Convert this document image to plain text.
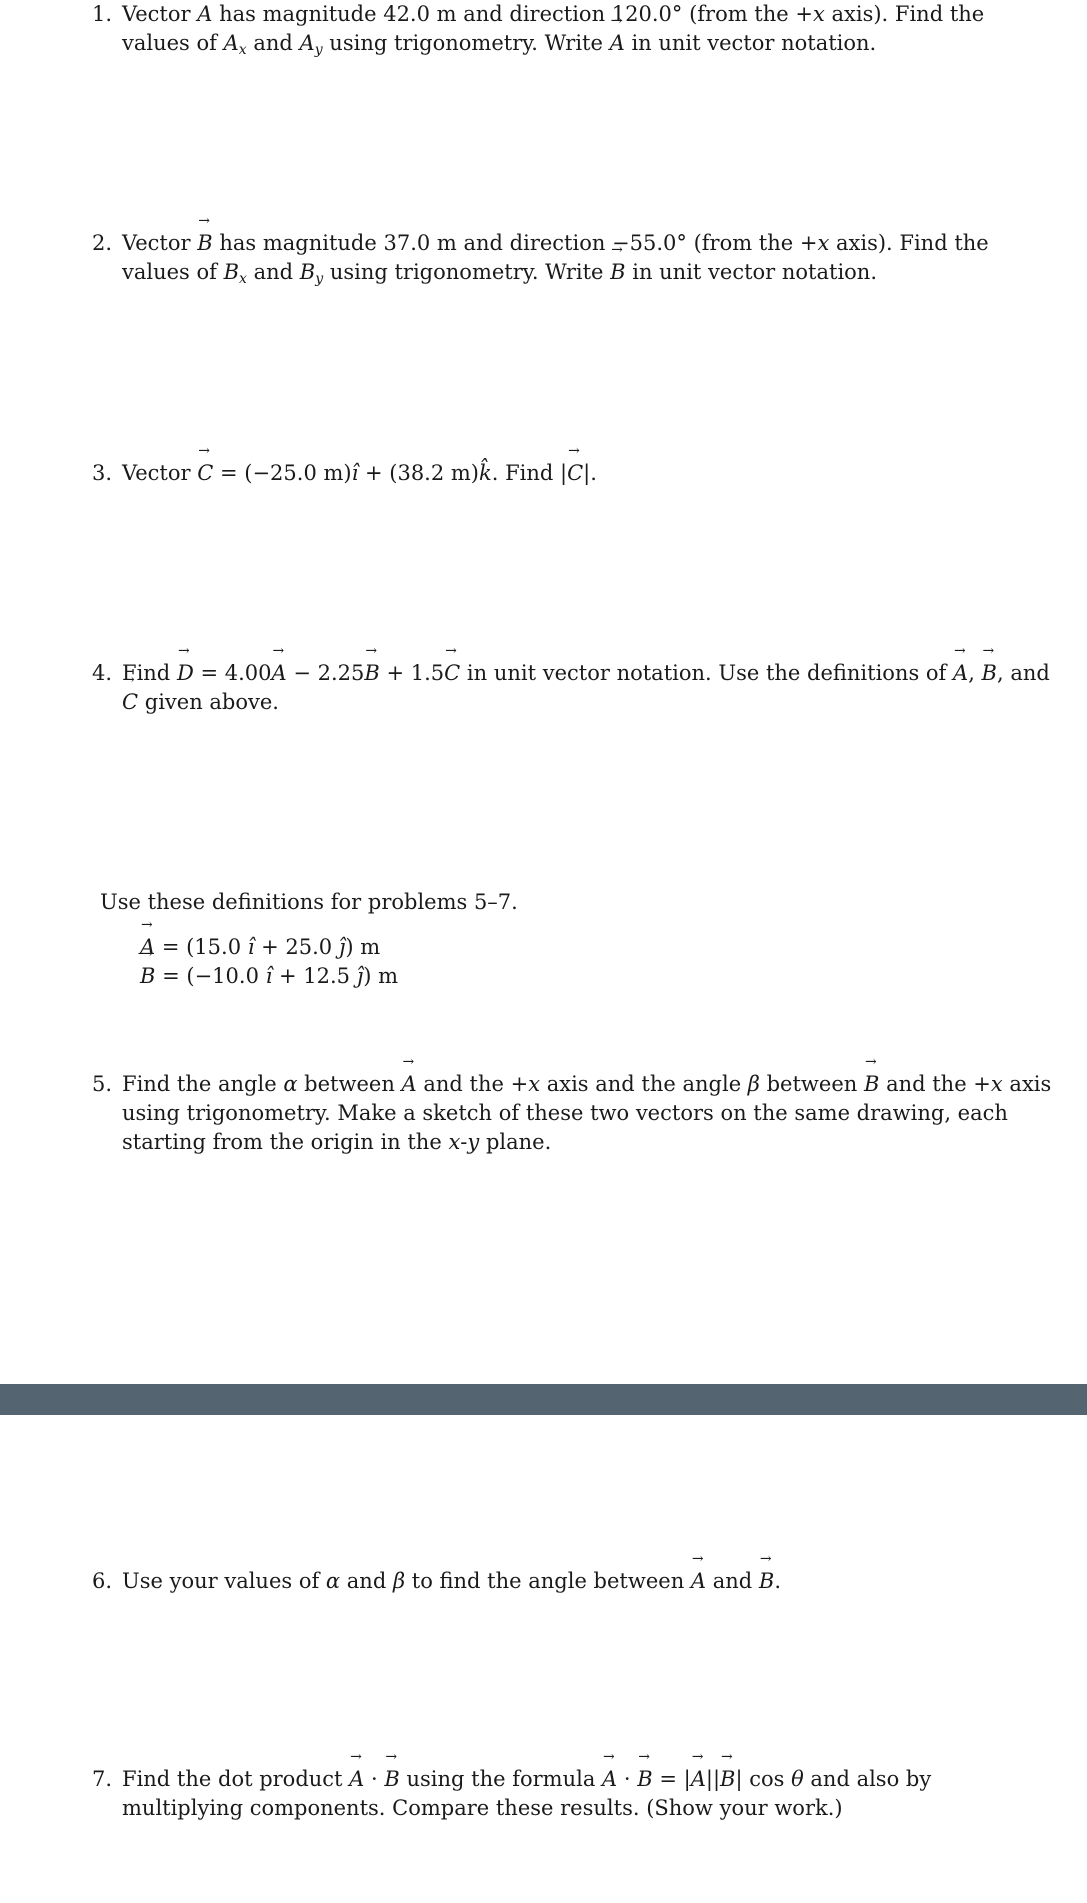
1. Vector → A has magnitude 42.0 m and direction 120.0° (from the +x axis). Find the values of $A_x$ and $A_y$ using trigonometry. Write → A in unit vector notation.
2. Vector → B has magnitude 37.0 m and direction −55.0° (from the +x axis). Find the values of $B_x$ and $B_y$ using trigonometry. Write → B in unit vector notation.
3. Vector → C = (−25.0 m)î + (38.2 m)k̂. Find |→ C|.
4. Find → D = 4.00→ A − 2.25→ B + 1.5→ C in unit vector notation. Use the definitions of → A, → B, and → C given above.
Use these definitions for problems 5–7.
→ A = (15.0 î + 25.0 ĵ) m
→ B = (−10.0 î + 12.5 ĵ) m
5. Find the angle α between → A and the +x axis and the angle β between → B and the +x axis using trigonometry. Make a sketch of these two vectors on the same drawing, each starting from the origin in the x-y plane.
6. Use your values of α and β to find the angle between → A and → B.
7. Find the dot product → A · → B using the formula → A · → B = |→ A||→ B| cos θ and also by multiplying components. Compare these results. (Show your work.)
